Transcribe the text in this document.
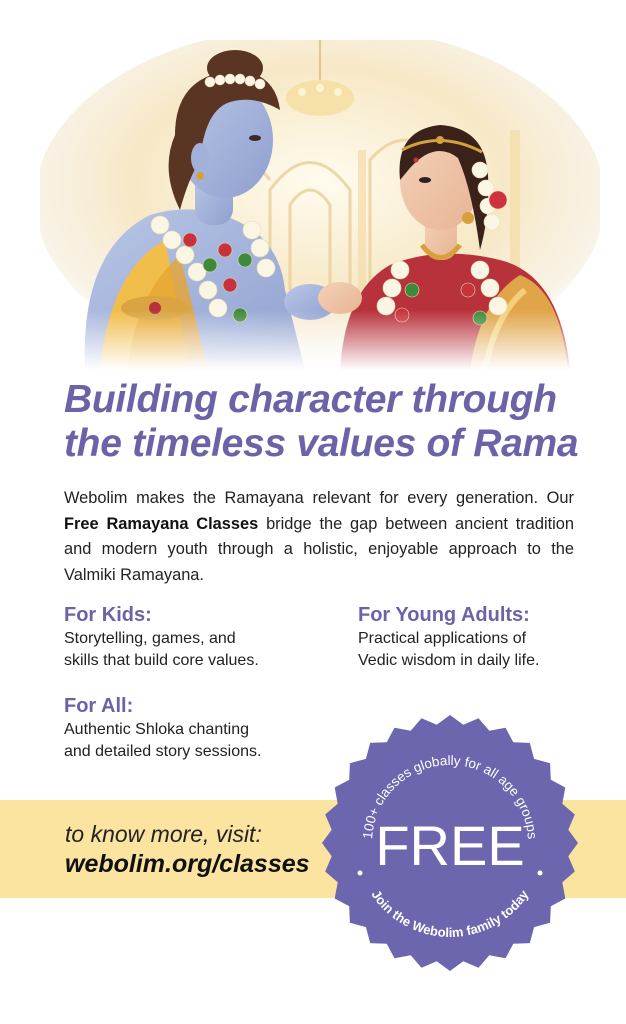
Building character through
the timeless values of Rama

Webolim makes the Ramayana relevant for every generation. Our Free Ramayana Classes bridge the gap between ancient tradition and modern youth through a holistic, enjoyable approach to the Valmiki Ramayana.

For Kids:

Storytelling, games, and

skills that build core values.

For Young Adults:

Practical applications of

Vedic wisdom in daily life.

For All:

Authentic Shloka chanting

and detailed story sessions.

to know more, visit:
webolim.org/classes
100+ classes globally for all age groups
FREE
Join the Webolim family today
